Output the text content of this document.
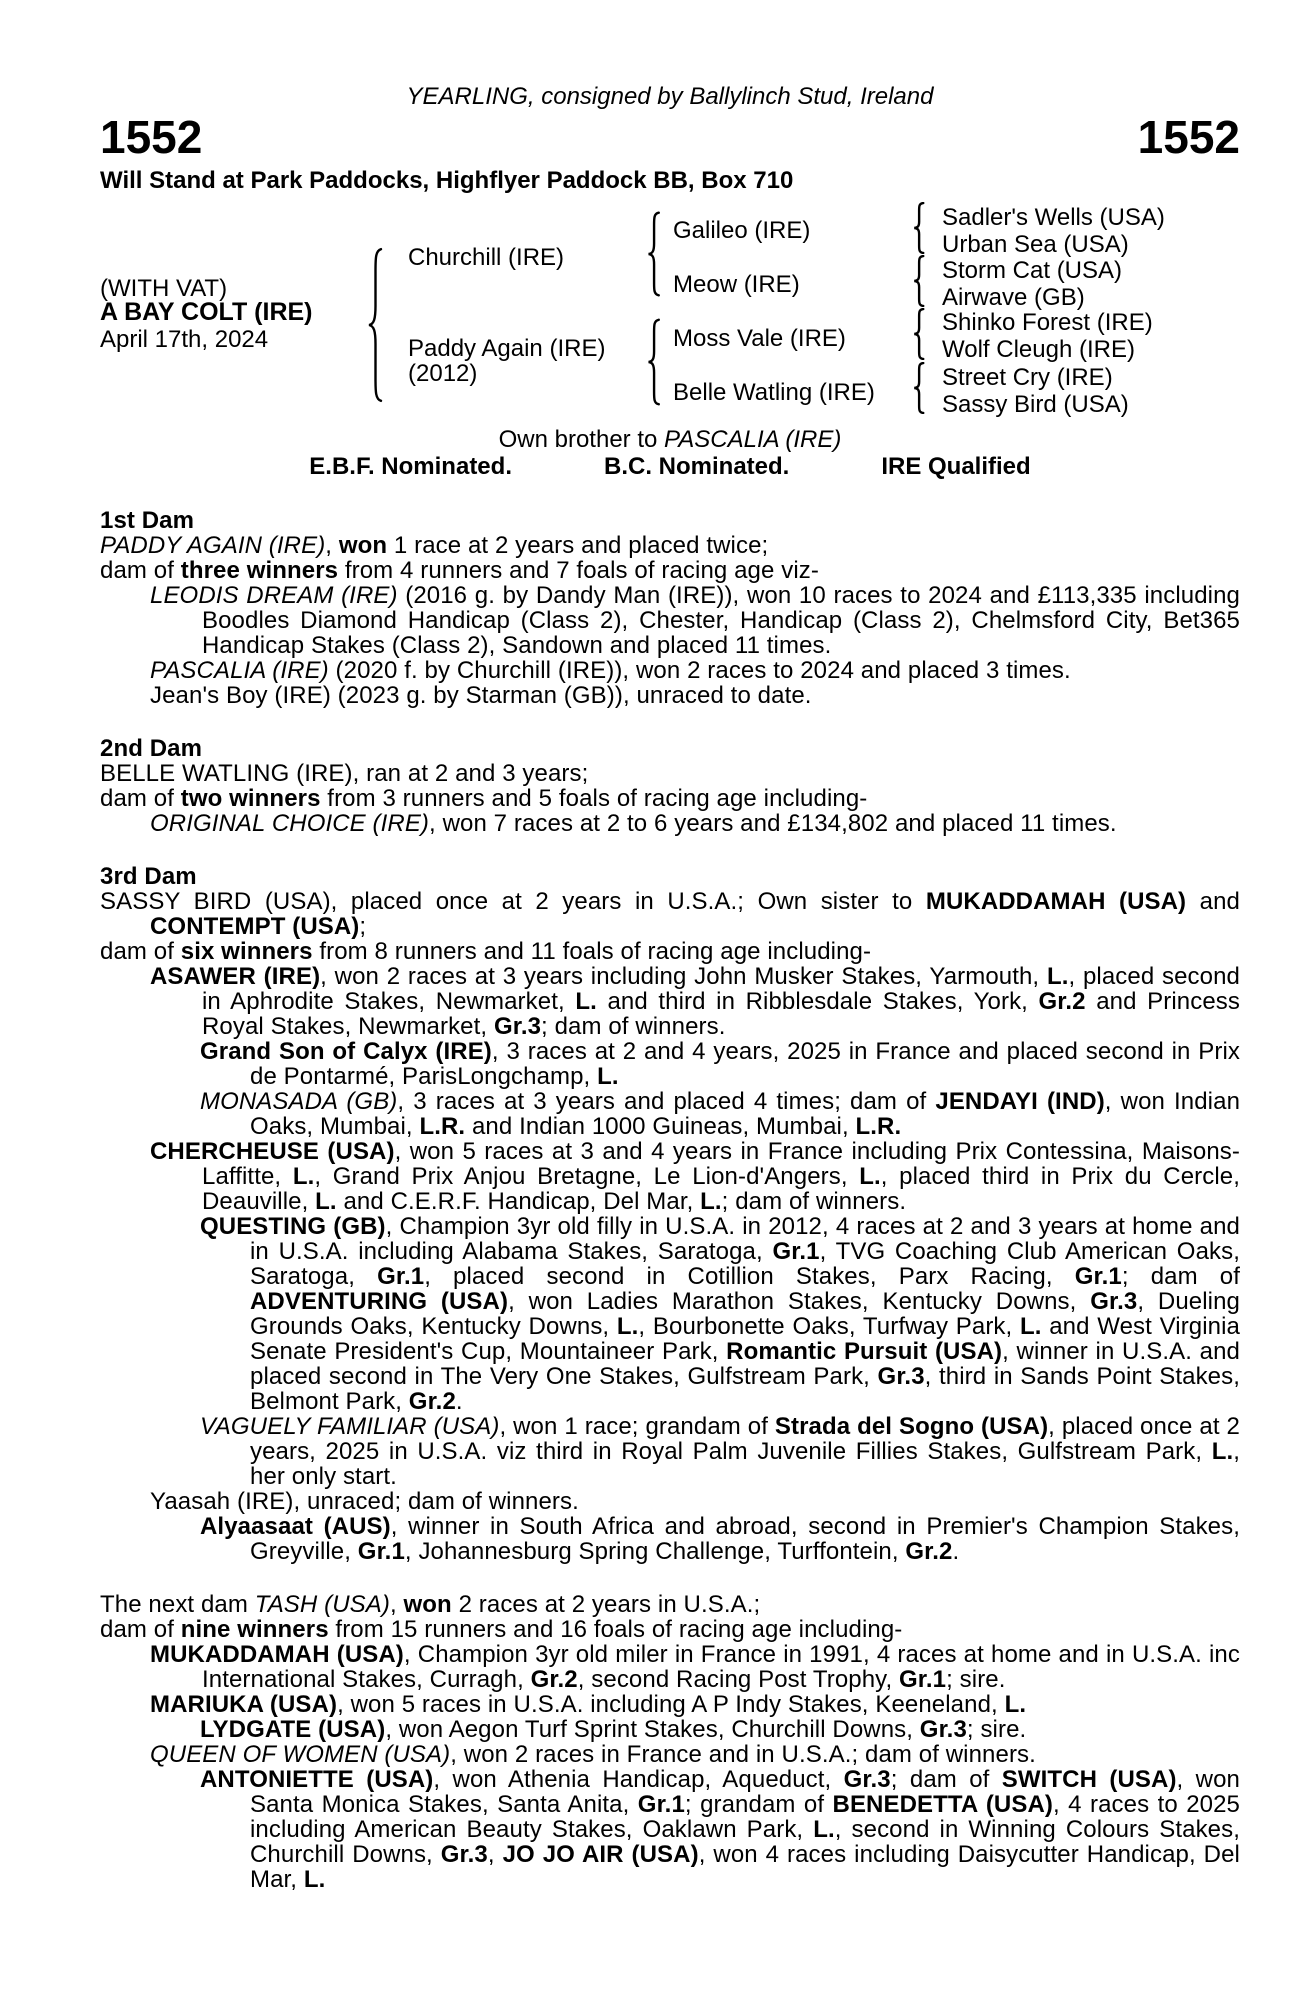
YEARLING, consigned by Ballylinch Stud, Ireland
1552	1552
Will Stand at Park Paddocks, Highflyer Paddock BB, Box 710
(WITH VAT)
A BAY COLT (IRE)
April 17th, 2024
Churchill (IRE)
Paddy Again (IRE)
(2012)
Galileo (IRE)
Meow (IRE)
Moss Vale (IRE)
Belle Watling (IRE)
Sadler's Wells (USA)
Urban Sea (USA)
Storm Cat (USA)
Airwave (GB)
Shinko Forest (IRE)
Wolf Cleugh (IRE)
Street Cry (IRE)
Sassy Bird (USA)
Own brother to PASCALIA (IRE)
E.B.F. Nominated.	B.C. Nominated.	IRE Qualified

1st Dam

PADDY AGAIN (IRE), won 1 race at 2 years and placed twice;

dam of three winners from 4 runners and 7 foals of racing age viz-

LEODIS DREAM (IRE) (2016 g. by Dandy Man (IRE)), won 10 races to 2024 and £113,335 including Boodles Diamond Handicap (Class 2), Chester, Handicap (Class 2), Chelmsford City, Bet365 Handicap Stakes (Class 2), Sandown and placed 11 times.

PASCALIA (IRE) (2020 f. by Churchill (IRE)), won 2 races to 2024 and placed 3 times.

Jean's Boy (IRE) (2023 g. by Starman (GB)), unraced to date.

2nd Dam

BELLE WATLING (IRE), ran at 2 and 3 years;

dam of two winners from 3 runners and 5 foals of racing age including-

ORIGINAL CHOICE (IRE), won 7 races at 2 to 6 years and £134,802 and placed 11 times.

3rd Dam

SASSY BIRD (USA), placed once at 2 years in U.S.A.; Own sister to MUKADDAMAH (USA) and CONTEMPT (USA);

dam of six winners from 8 runners and 11 foals of racing age including-

ASAWER (IRE), won 2 races at 3 years including John Musker Stakes, Yarmouth, L., placed second in Aphrodite Stakes, Newmarket, L. and third in Ribblesdale Stakes, York, Gr.2 and Princess Royal Stakes, Newmarket, Gr.3; dam of winners.

Grand Son of Calyx (IRE), 3 races at 2 and 4 years, 2025 in France and placed second in Prix de Pontarmé, ParisLongchamp, L.

MONASADA (GB), 3 races at 3 years and placed 4 times; dam of JENDAYI (IND), won Indian Oaks, Mumbai, L.R. and Indian 1000 Guineas, Mumbai, L.R.

CHERCHEUSE (USA), won 5 races at 3 and 4 years in France including Prix Contessina, Maisons-Laffitte, L., Grand Prix Anjou Bretagne, Le Lion-d'Angers, L., placed third in Prix du Cercle, Deauville, L. and C.E.R.F. Handicap, Del Mar, L.; dam of winners.

QUESTING (GB), Champion 3yr old filly in U.S.A. in 2012, 4 races at 2 and 3 years at home and in U.S.A. including Alabama Stakes, Saratoga, Gr.1, TVG Coaching Club American Oaks, Saratoga, Gr.1, placed second in Cotillion Stakes, Parx Racing, Gr.1; dam of ADVENTURING (USA), won Ladies Marathon Stakes, Kentucky Downs, Gr.3, Dueling Grounds Oaks, Kentucky Downs, L., Bourbonette Oaks, Turfway Park, L. and West Virginia Senate President's Cup, Mountaineer Park, Romantic Pursuit (USA), winner in U.S.A. and placed second in The Very One Stakes, Gulfstream Park, Gr.3, third in Sands Point Stakes, Belmont Park, Gr.2.

VAGUELY FAMILIAR (USA), won 1 race; grandam of Strada del Sogno (USA), placed once at 2 years, 2025 in U.S.A. viz third in Royal Palm Juvenile Fillies Stakes, Gulfstream Park, L., her only start.

Yaasah (IRE), unraced; dam of winners.

Alyaasaat (AUS), winner in South Africa and abroad, second in Premier's Champion Stakes, Greyville, Gr.1, Johannesburg Spring Challenge, Turffontein, Gr.2.

The next dam TASH (USA), won 2 races at 2 years in U.S.A.;

dam of nine winners from 15 runners and 16 foals of racing age including-

MUKADDAMAH (USA), Champion 3yr old miler in France in 1991, 4 races at home and in U.S.A. inc International Stakes, Curragh, Gr.2, second Racing Post Trophy, Gr.1; sire.

MARIUKA (USA), won 5 races in U.S.A. including A P Indy Stakes, Keeneland, L.

LYDGATE (USA), won Aegon Turf Sprint Stakes, Churchill Downs, Gr.3; sire.

QUEEN OF WOMEN (USA), won 2 races in France and in U.S.A.; dam of winners.

ANTONIETTE (USA), won Athenia Handicap, Aqueduct, Gr.3; dam of SWITCH (USA), won Santa Monica Stakes, Santa Anita, Gr.1; grandam of BENEDETTA (USA), 4 races to 2025 including American Beauty Stakes, Oaklawn Park, L., second in Winning Colours Stakes, Churchill Downs, Gr.3, JO JO AIR (USA), won 4 races including Daisycutter Handicap, Del Mar, L.
